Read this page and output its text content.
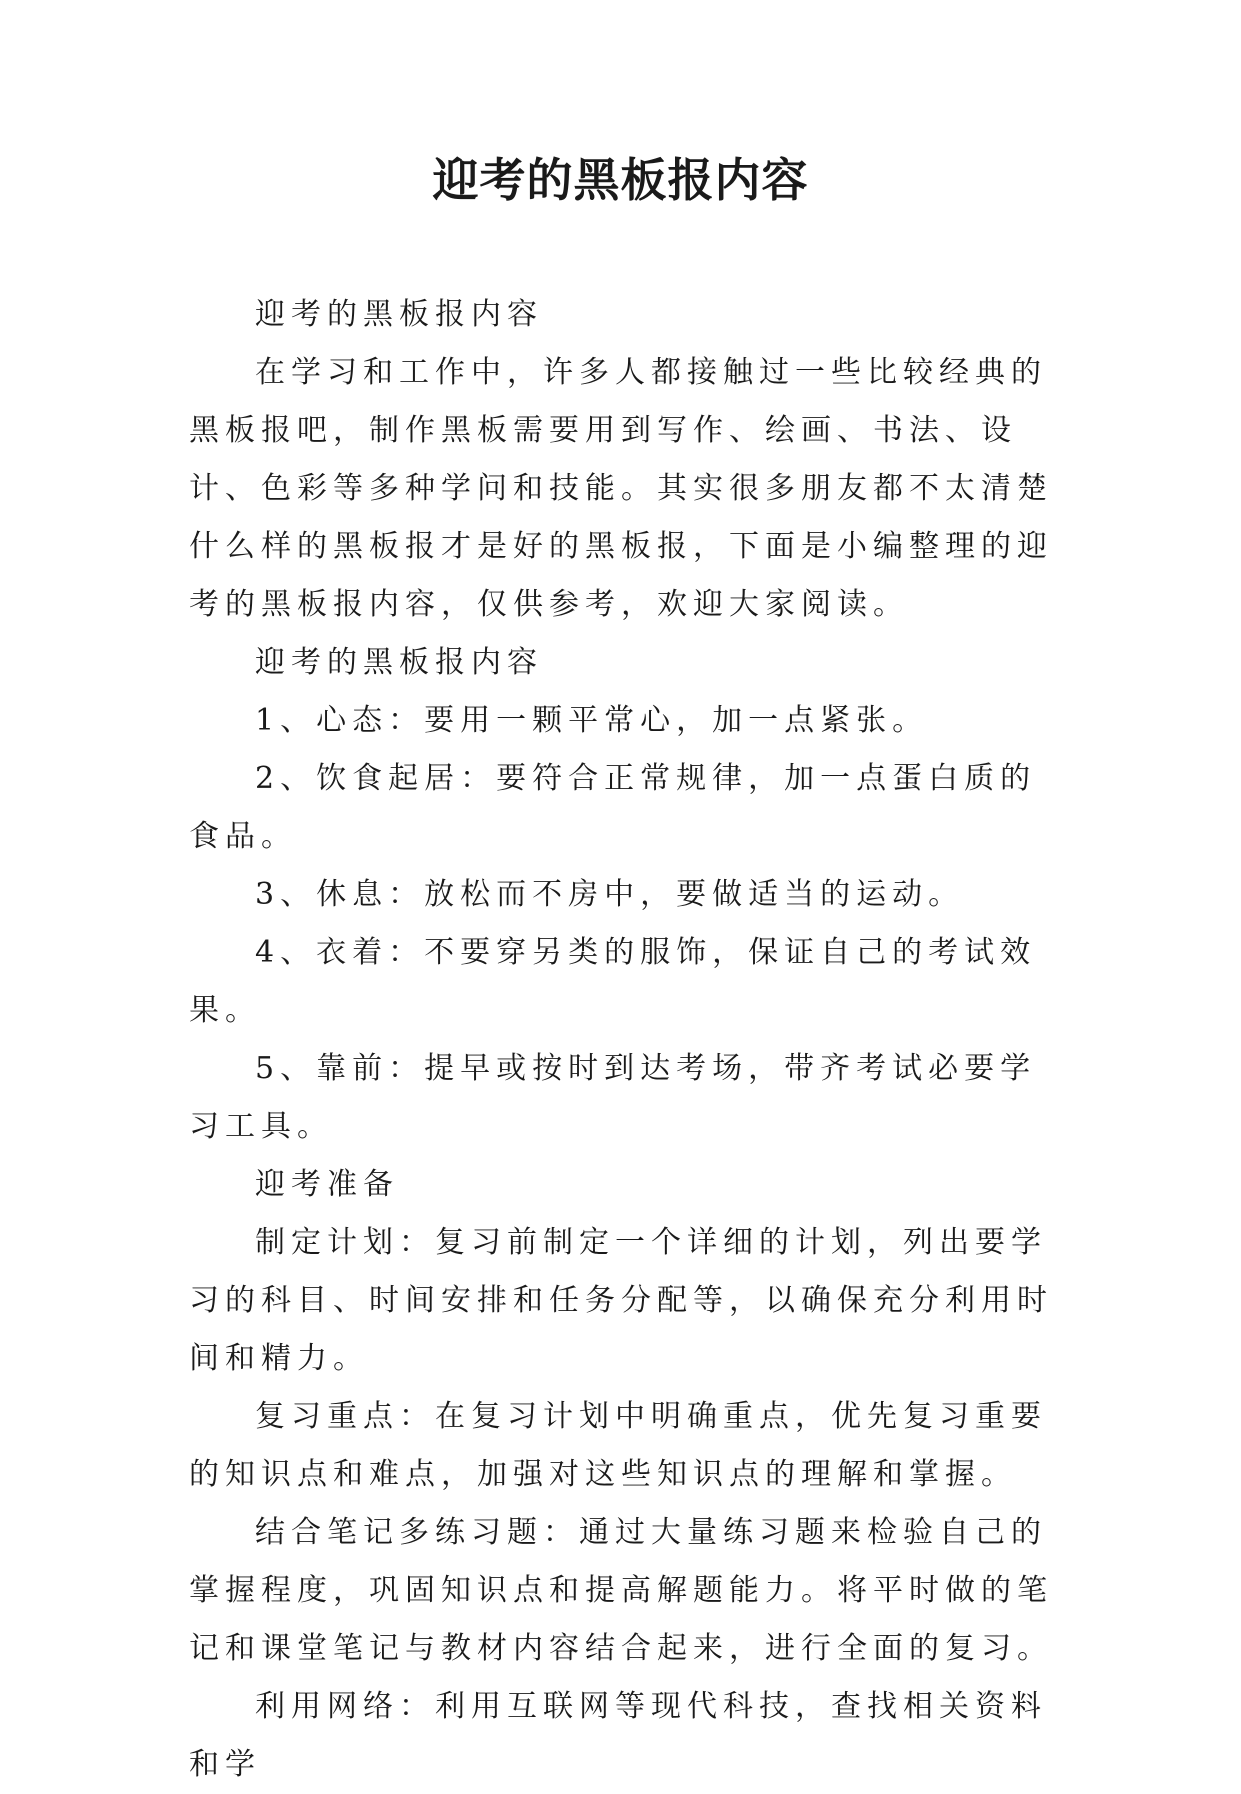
迎考的黑板报内容

迎考的黑板报内容

在学习和工作中，许多人都接触过一些比较经典的黑板报吧，制作黑板需要用到写作、绘画、书法、设计、色彩等多种学问和技能。其实很多朋友都不太清楚什么样的黑板报才是好的黑板报，下面是小编整理的迎考的黑板报内容，仅供参考，欢迎大家阅读。

迎考的黑板报内容

1、心态：要用一颗平常心，加一点紧张。

2、饮食起居：要符合正常规律，加一点蛋白质的食品。

3、休息：放松而不房中，要做适当的运动。

4、衣着：不要穿另类的服饰，保证自己的考试效果。

5、靠前：提早或按时到达考场，带齐考试必要学习工具。

迎考准备

制定计划：复习前制定一个详细的计划，列出要学习的科目、时间安排和任务分配等，以确保充分利用时间和精力。

复习重点：在复习计划中明确重点，优先复习重要的知识点和难点，加强对这些知识点的理解和掌握。

结合笔记多练习题：通过大量练习题来检验自己的掌握程度，巩固知识点和提高解题能力。将平时做的笔记和课堂笔记与教材内容结合起来，进行全面的复习。

利用网络：利用互联网等现代科技，查找相关资料和学
